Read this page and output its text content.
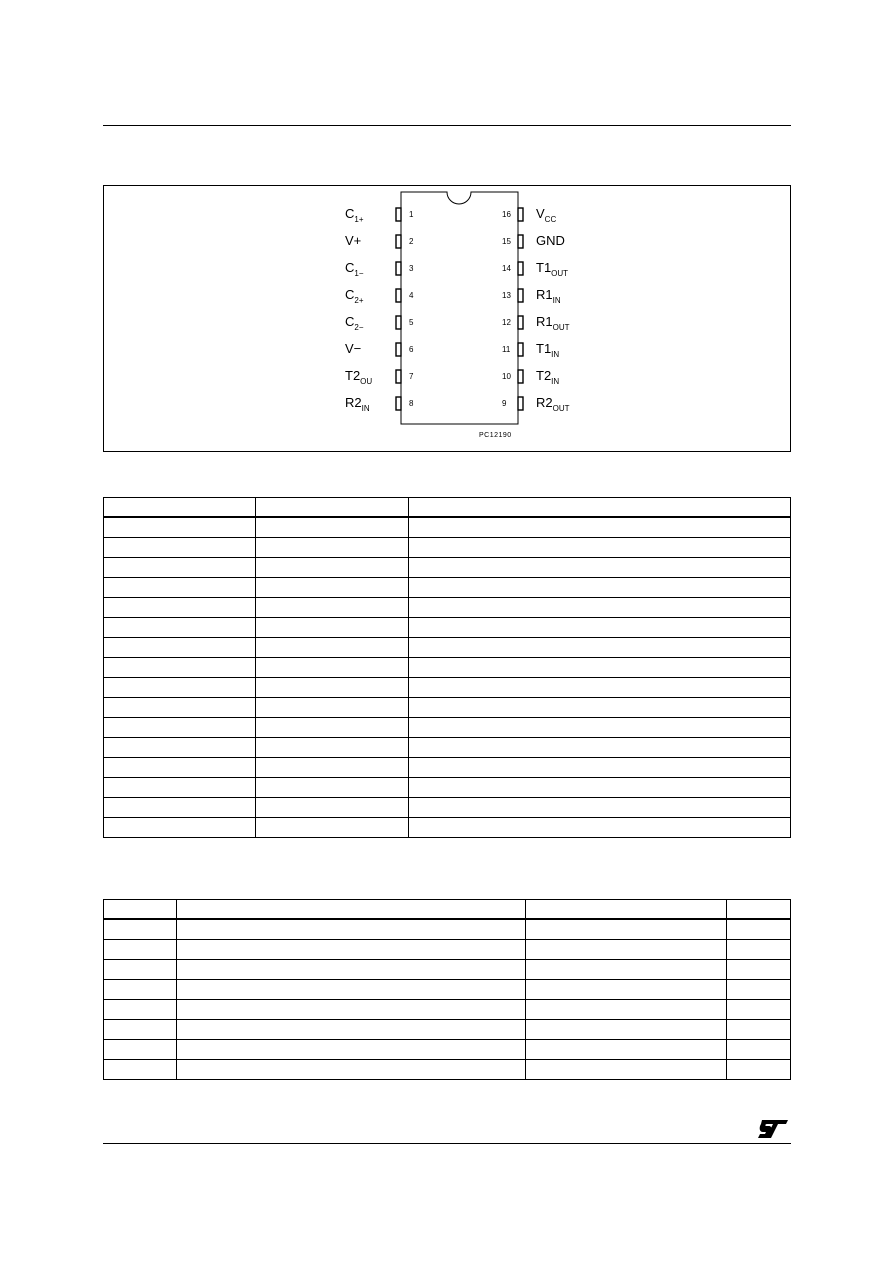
1
$C_{1+}$
2
V+
3
$C_{1-}$
4
$C_{2+}$
5
$C_{2-}$
6
V−
7
$T2_{OU}$
8
$R2_{IN}$
16 $V_{CC}$
15 GND
14 $T1_{OUT}$
13 $R1_{IN}$
12 $R1_{OUT}$
11 $T1_{IN}$
10 $T2_{IN}$
9 $R2_{OUT}$
PC12190
